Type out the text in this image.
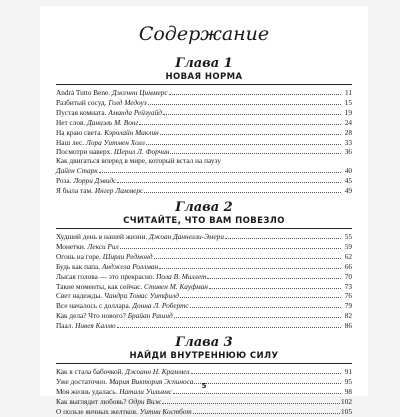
Содержание
Глава 1
НОВАЯ НОРМА
Andrà Tutto Bene. Дженни Циммерс	11
Разбитый сосуд. Голд Медоуз	15
Пустая комната. Аманда Рейзуайд	19
Нет слов. Даниэль М. Вонг	24
На краю света. Кэролайн Маклин	28
Наш лес. Лора Уитмен Холл	33
Посмотри наверх. Шерил Л. Форчин	36
Как двигаться вперед в мире, который встал на паузу
Дайен Старк	40
Роза. Лорри Дэвидс	45
Я была там. Ингер Ламмерс	49
Глава 2
СЧИТАЙТЕ, ЧТО ВАМ ПОВЕЗЛО
Худший день в нашей жизни. Джоан Даннелли-Эмери	55
Монетки. Лекси Рил	59
Огонь на горе. Ширли Редмонд	62
Будь как папа. Анджела Роллман	66
Лысая голова — это прекрасно. Пола В. Миллет	70
Такие моменты, как сейчас. Стивен М. Кауфман	73
Свет надежды. Чандра Томас Уитфилд	76
Все началось с доллара. Донна Л. Робертс	79
Как дела? Что нового? Брайан Рашид	82
Паал. Нивея Калмо	86
Глава 3
НАЙДИ ВНУТРЕННЮЮ СИЛУ
Как я стала бабочкой. Джоанн Н. Краммел	91
Уже достаточно. Мария Виктория Эспиноса	95
Моя жизнь удалась. Натали Уильямс	98
Как выглядит любовь? Одри Виж	102
О пользе яичных желтков. Уитни Костбот	105
5
